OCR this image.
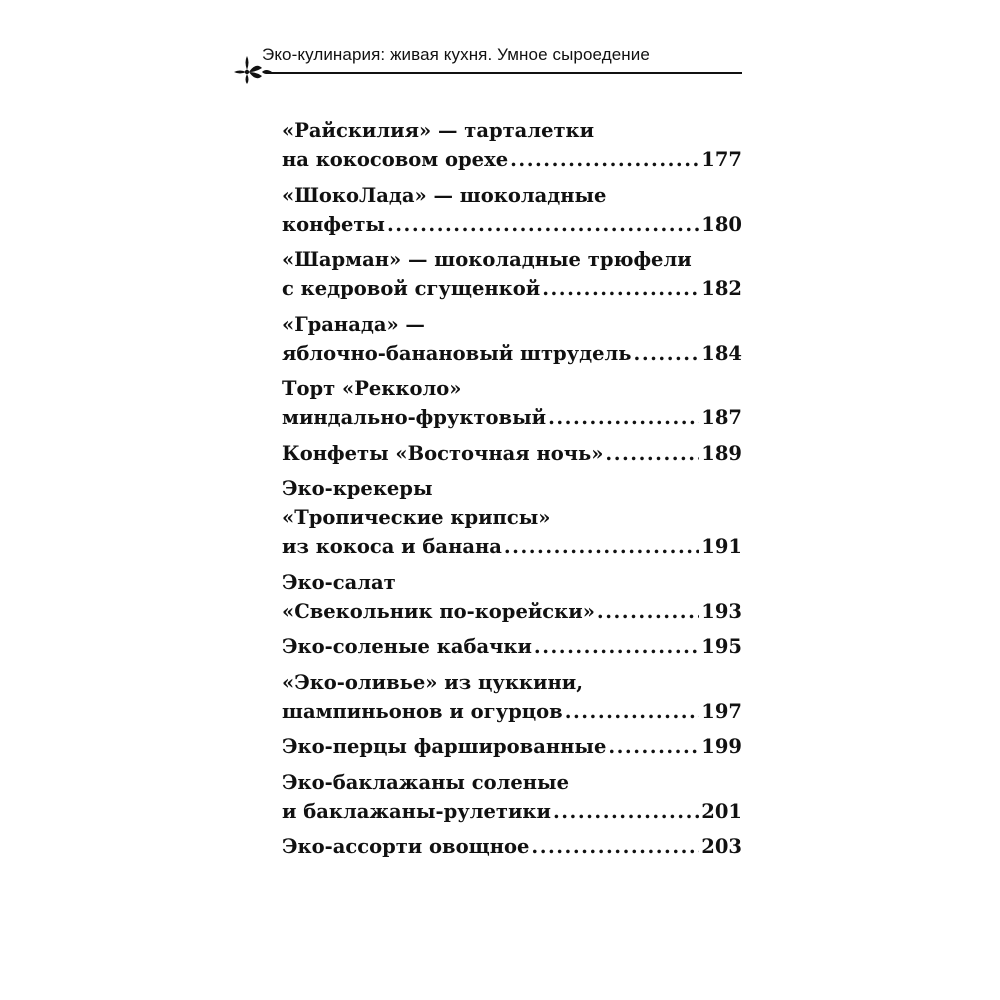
Эко-кулинария: живая кухня. Умное сыроедение
«Райскилия» — тартaлетки
на кокосовом орехе .....	177
«ШокоЛада» — шоколадные
конфеты .....	180
«Шарман» — шоколадные трюфели
с кедровой сгущенкой .....	182
«Гранада» —
яблочно-банановый штрудель .....	184
Торт «Рекколо»
миндально-фруктовый .....	187
Конфеты «Восточная ночь» .....	189
Эко-крекеры
«Тропические крипсы»
из кокоса и банана .....	191
Эко-салат
«Свекольник по-корейски» .....	193
Эко-соленые кабачки .....	195
«Эко-оливье» из цуккини,
шампиньонов и огурцов .....	197
Эко-перцы фаршированные .....	199
Эко-баклажаны соленые
и баклажаны-рулетики .....	201
Эко-ассорти овощное .....	203
